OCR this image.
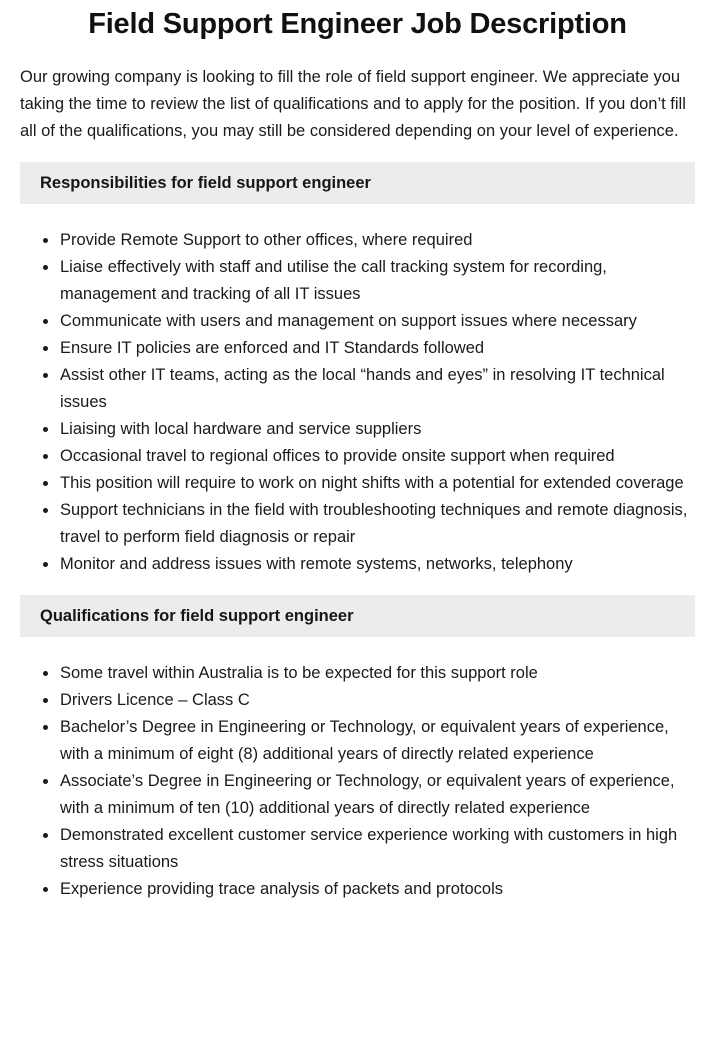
Field Support Engineer Job Description

Our growing company is looking to fill the role of field support engineer. We appreciate you taking the time to review the list of qualifications and to apply for the position. If you don’t fill all of the qualifications, you may still be considered depending on your level of experience.

Responsibilities for field support engineer
Provide Remote Support to other offices, where required
Liaise effectively with staff and utilise the call tracking system for recording, management and tracking of all IT issues
Communicate with users and management on support issues where necessary
Ensure IT policies are enforced and IT Standards followed
Assist other IT teams, acting as the local “hands and eyes” in resolving IT technical issues
Liaising with local hardware and service suppliers
Occasional travel to regional offices to provide onsite support when required
This position will require to work on night shifts with a potential for extended coverage
Support technicians in the field with troubleshooting techniques and remote diagnosis, travel to perform field diagnosis or repair
Monitor and address issues with remote systems, networks, telephony
Qualifications for field support engineer
Some travel within Australia is to be expected for this support role
Drivers Licence – Class C
Bachelor’s Degree in Engineering or Technology, or equivalent years of experience, with a minimum of eight (8) additional years of directly related experience
Associate’s Degree in Engineering or Technology, or equivalent years of experience, with a minimum of ten (10) additional years of directly related experience
Demonstrated excellent customer service experience working with customers in high stress situations
Experience providing trace analysis of packets and protocols
